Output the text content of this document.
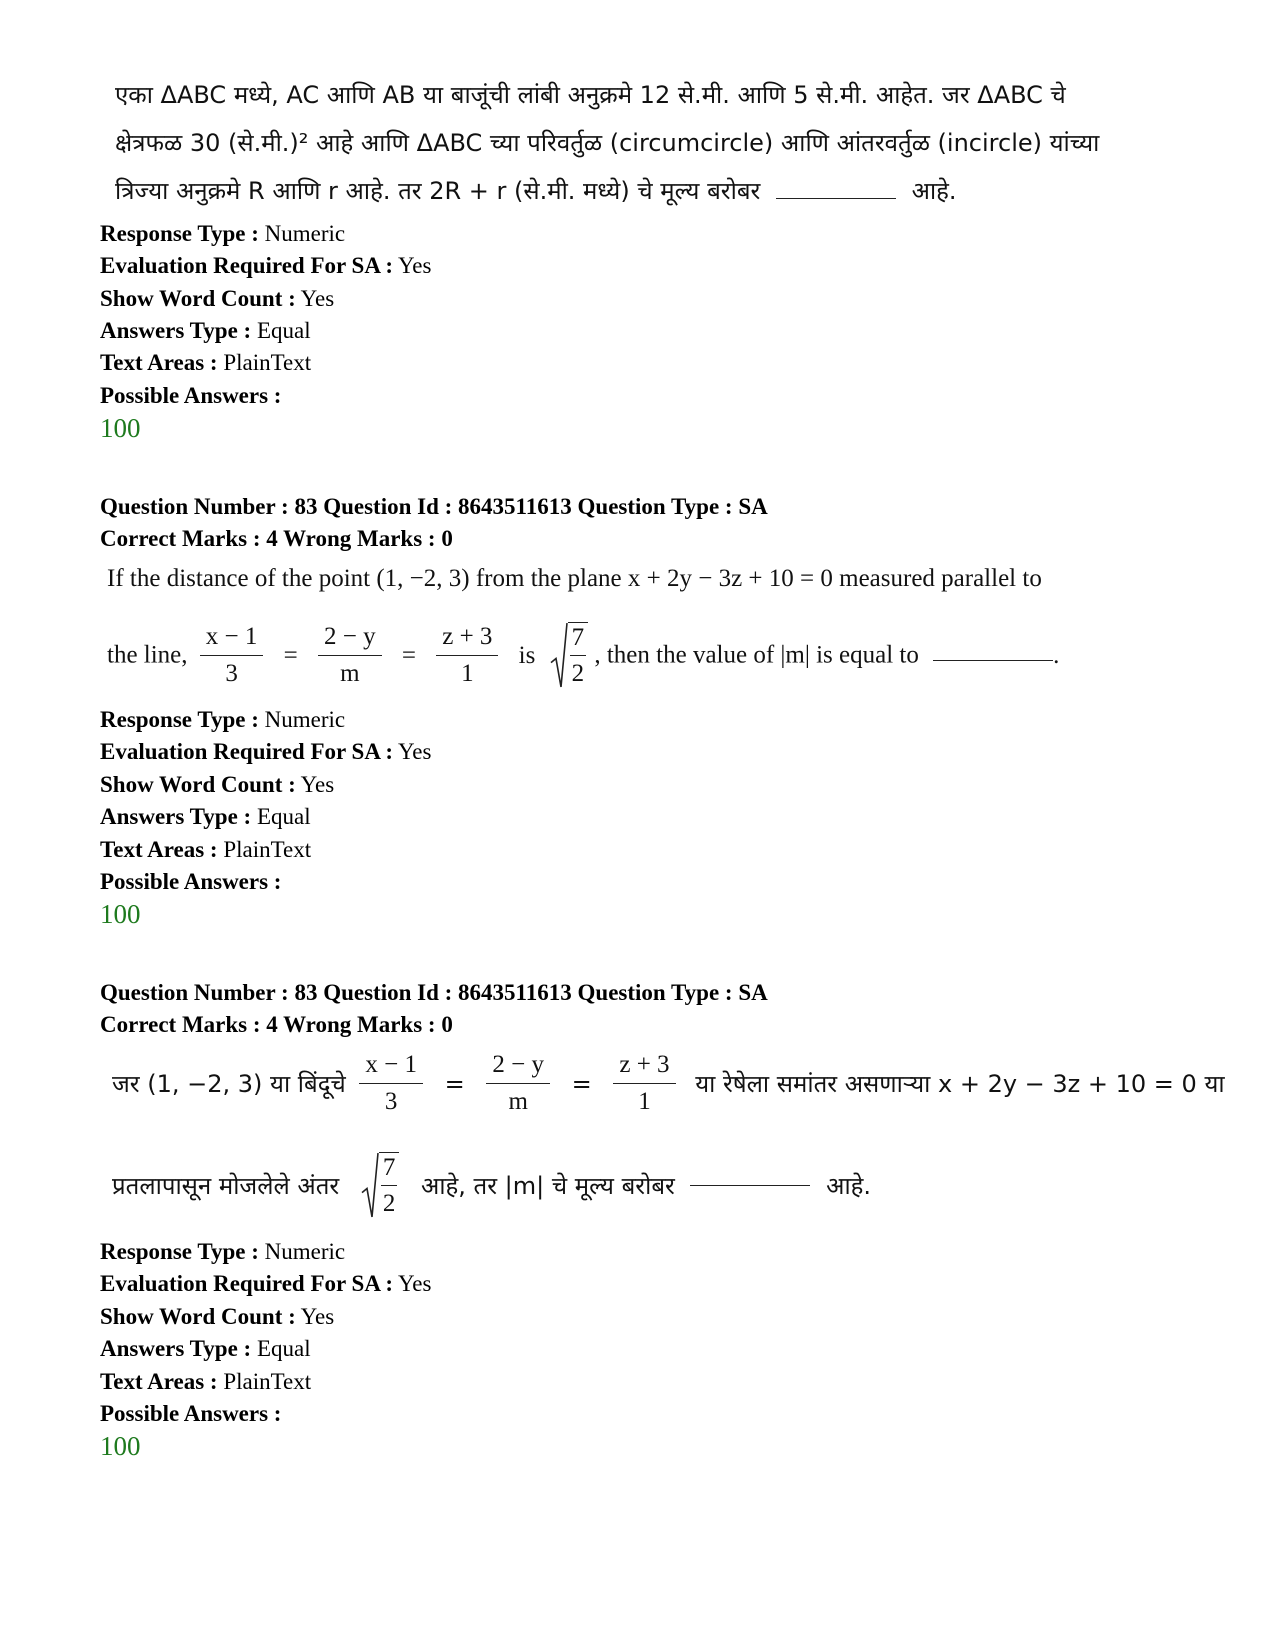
एका ΔABC मध्ये, AC आणि AB या बाजूंची लांबी अनुक्रमे 12 से.मी. आणि 5 से.मी. आहेत. जर ΔABC चे
क्षेत्रफळ 30 (से.मी.)² आहे आणि ΔABC च्या परिवर्तुळ (circumcircle) आणि आंतरवर्तुळ (incircle) यांच्या
त्रिज्या अनुक्रमे R आणि r आहे. तर 2R + r (से.मी. मध्ये) चे मूल्य बरोबर	आहे.
Response Type : Numeric
Evaluation Required For SA : Yes
Show Word Count : Yes
Answers Type : Equal
Text Areas : PlainText
Possible Answers :
100
Question Number : 83 Question Id : 8643511613 Question Type : SA
Correct Marks : 4 Wrong Marks : 0
If the distance of the point (1, −2, 3) from the plane x + 2y − 3z + 10 = 0 measured parallel to
the line, $\frac{x - 1}{3} = \frac{2 - y}{m} = \frac{z + 3}{1}$ is $\frac{7}{2}$ , then the value of |m| is equal to	.
Response Type : Numeric
Evaluation Required For SA : Yes
Show Word Count : Yes
Answers Type : Equal
Text Areas : PlainText
Possible Answers :
100
Question Number : 83 Question Id : 8643511613 Question Type : SA
Correct Marks : 4 Wrong Marks : 0
जर (1, −2, 3) या बिंदूचे $\frac{x - 1}{3} = \frac{2 - y}{m} = \frac{z + 3}{1}$ या रेषेला समांतर असणाऱ्या x + 2y − 3z + 10 = 0 या
प्रतलापासून मोजलेले अंतर $\frac{7}{2}$ आहे, तर |m| चे मूल्य बरोबर	आहे.
Response Type : Numeric
Evaluation Required For SA : Yes
Show Word Count : Yes
Answers Type : Equal
Text Areas : PlainText
Possible Answers :
100
